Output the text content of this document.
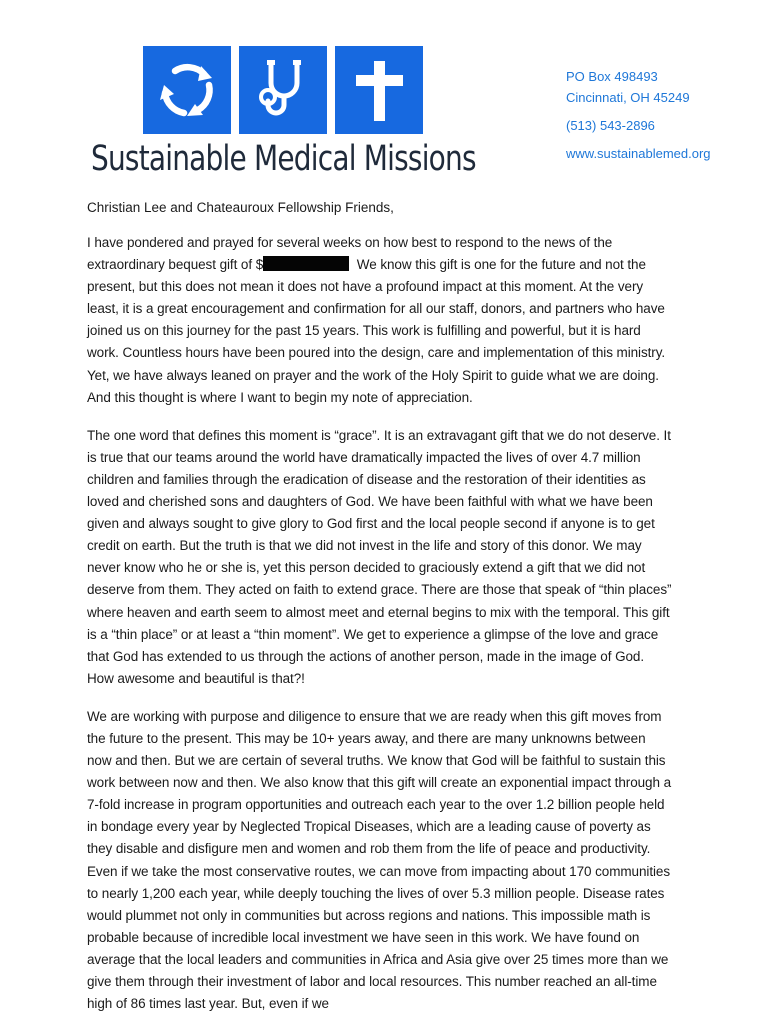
Sustainable Medical Missions
PO Box 498493
Cincinnati, OH 45249
(513) 543-2896
www.sustainablemed.org
Christian Lee and Chateauroux Fellowship Friends,

I have pondered and prayed for several weeks on how best to respond to the news of the extraordinary bequest gift of $	We know this gift is one for the future and not the present, but this does not mean it does not have a profound impact at this moment. At the very least, it is a great encouragement and confirmation for all our staff, donors, and partners who have joined us on this journey for the past 15 years. This work is fulfilling and powerful, but it is hard work. Countless hours have been poured into the design, care and implementation of this ministry. Yet, we have always leaned on prayer and the work of the Holy Spirit to guide what we are doing. And this thought is where I want to begin my note of appreciation.

The one word that defines this moment is “grace”. It is an extravagant gift that we do not deserve. It is true that our teams around the world have dramatically impacted the lives of over 4.7 million children and families through the eradication of disease and the restoration of their identities as loved and cherished sons and daughters of God. We have been faithful with what we have been given and always sought to give glory to God first and the local people second if anyone is to get credit on earth. But the truth is that we did not invest in the life and story of this donor. We may never know who he or she is, yet this person decided to graciously extend a gift that we did not deserve from them. They acted on faith to extend grace. There are those that speak of “thin places” where heaven and earth seem to almost meet and eternal begins to mix with the temporal. This gift is a “thin place” or at least a “thin moment”. We get to experience a glimpse of the love and grace that God has extended to us through the actions of another person, made in the image of God. How awesome and beautiful is that?!

We are working with purpose and diligence to ensure that we are ready when this gift moves from the future to the present. This may be 10+ years away, and there are many unknowns between now and then. But we are certain of several truths. We know that God will be faithful to sustain this work between now and then. We also know that this gift will create an exponential impact through a 7-fold increase in program opportunities and outreach each year to the over 1.2 billion people held in bondage every year by Neglected Tropical Diseases, which are a leading cause of poverty as they disable and disfigure men and women and rob them from the life of peace and productivity. Even if we take the most conservative routes, we can move from impacting about 170 communities to nearly 1,200 each year, while deeply touching the lives of over 5.3 million people. Disease rates would plummet not only in communities but across regions and nations. This impossible math is probable because of incredible local investment we have seen in this work. We have found on average that the local leaders and communities in Africa and Asia give over 25 times more than we give them through their investment of labor and local resources. This number reached an all-time high of 86 times last year. But, even if we
